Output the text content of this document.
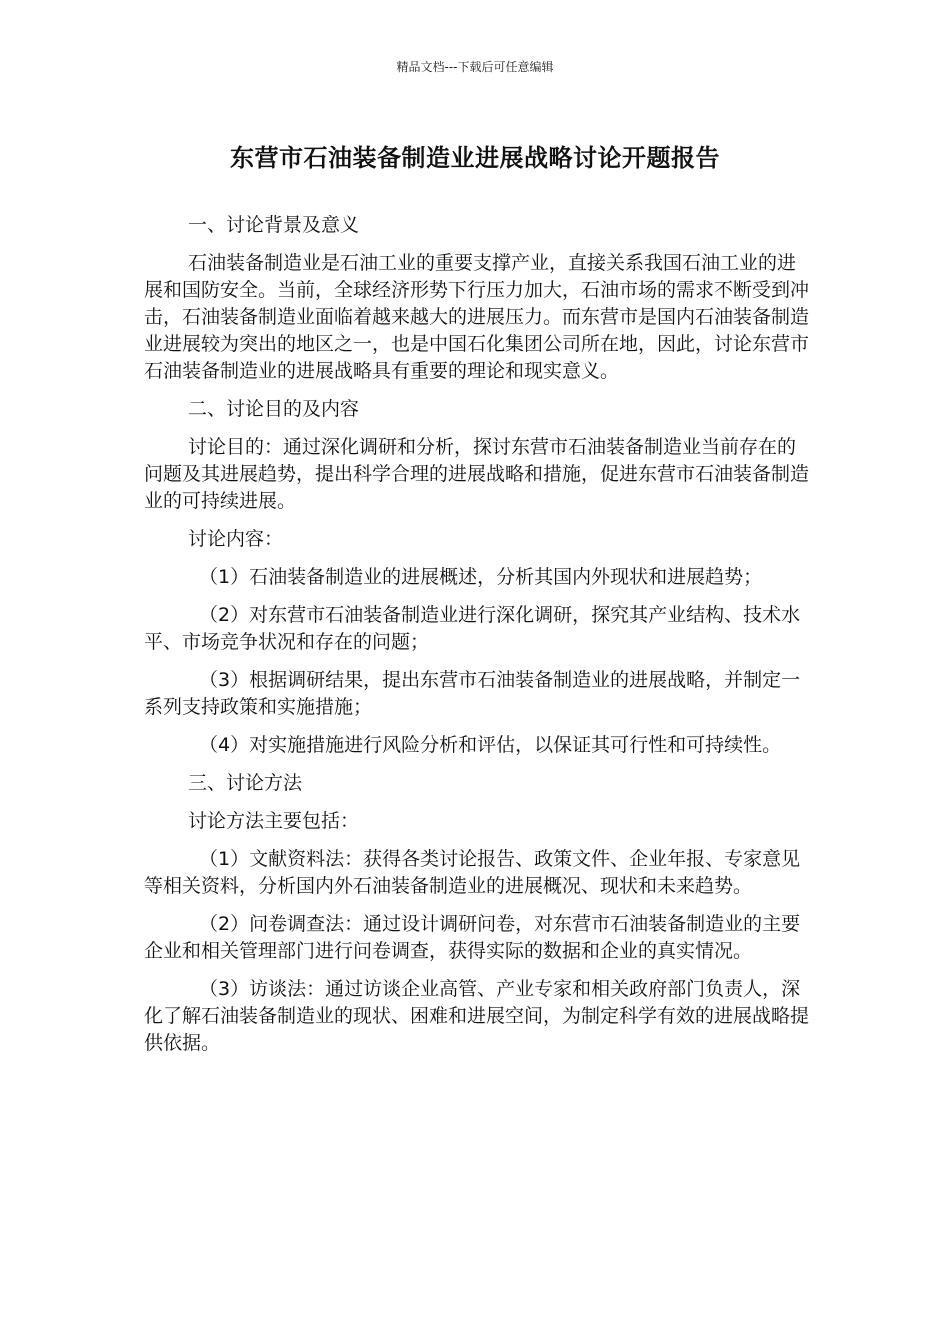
精品文档---下载后可任意编辑
东营市石油装备制造业进展战略讨论开题报告

一、讨论背景及意义

石油装备制造业是石油工业的重要支撑产业，直接关系我国石油工业的进展和国防安全。当前，全球经济形势下行压力加大，石油市场的需求不断受到冲击，石油装备制造业面临着越来越大的进展压力。而东营市是国内石油装备制造业进展较为突出的地区之一，也是中国石化集团公司所在地，因此，讨论东营市石油装备制造业的进展战略具有重要的理论和现实意义。

二、讨论目的及内容

讨论目的：通过深化调研和分析，探讨东营市石油装备制造业当前存在的问题及其进展趋势，提出科学合理的进展战略和措施，促进东营市石油装备制造业的可持续进展。

讨论内容：

（1）石油装备制造业的进展概述，分析其国内外现状和进展趋势；

（2）对东营市石油装备制造业进行深化调研，探究其产业结构、技术水平、市场竞争状况和存在的问题；

（3）根据调研结果，提出东营市石油装备制造业的进展战略，并制定一系列支持政策和实施措施；

（4）对实施措施进行风险分析和评估，以保证其可行性和可持续性。

三、讨论方法

讨论方法主要包括：

（1）文献资料法：获得各类讨论报告、政策文件、企业年报、专家意见等相关资料，分析国内外石油装备制造业的进展概况、现状和未来趋势。

（2）问卷调查法：通过设计调研问卷，对东营市石油装备制造业的主要企业和相关管理部门进行问卷调查，获得实际的数据和企业的真实情况。

（3）访谈法：通过访谈企业高管、产业专家和相关政府部门负责人，深化了解石油装备制造业的现状、困难和进展空间，为制定科学有效的进展战略提供依据。
